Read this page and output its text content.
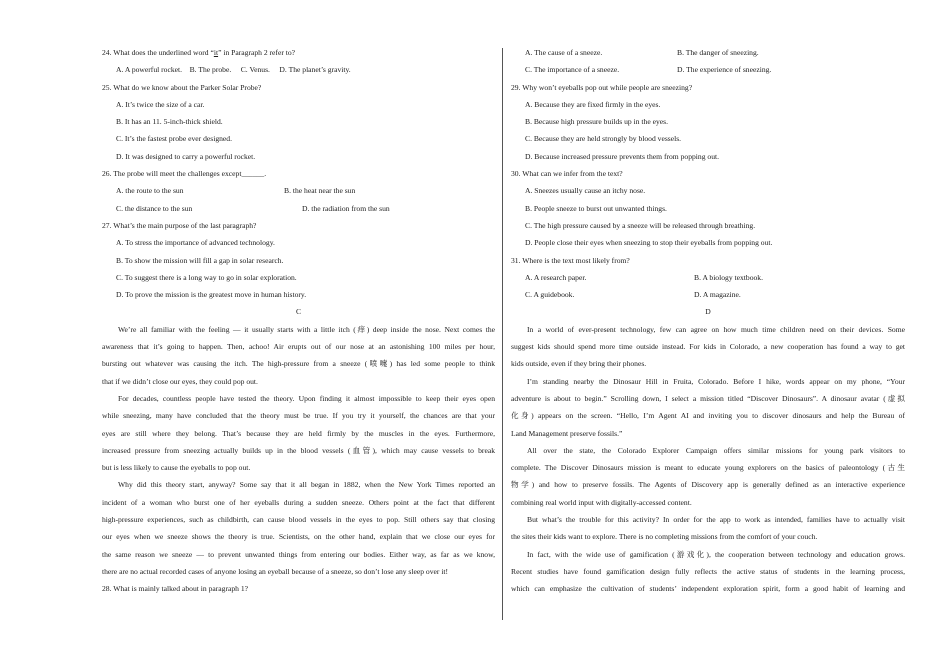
24. What does the underlined word “it” in Paragraph 2 refer to?
A. A powerful rocket. B. The probe. C. Venus. D. The planet’s gravity.
25. What do we know about the Parker Solar Probe?
A. It’s twice the size of a car.
B. It has an 11. 5-inch-thick shield.
C. It’s the fastest probe ever designed.
D. It was designed to carry a powerful rocket.
26. The probe will meet the challenges except______.
A. the route to the sun	B. the heat near the sun
C. the distance to the sun	D. the radiation from the sun
27. What’s the main purpose of the last paragraph?
A. To stress the importance of advanced technology.
B. To show the mission will fill a gap in solar research.
C. To suggest there is a long way to go in solar exploration.
D. To prove the mission is the greatest move in human history.
C
We’re all familiar with the feeling — it usually starts with a little itch (痒) deep inside the nose. Next comes the
awareness that it’s going to happen. Then, achoo! Air erupts out of our nose at an astonishing 100 miles per hour,
bursting out whatever was causing the itch. The high-pressure from a sneeze (喷嚏) has led some people to think
that if we didn’t close our eyes, they could pop out.
For decades, countless people have tested the theory. Upon finding it almost impossible to keep their eyes open
while sneezing, many have concluded that the theory must be true. If you try it yourself, the chances are that your
eyes are still where they belong. That’s because they are held firmly by the muscles in the eyes. Furthermore,
increased pressure from sneezing actually builds up in the blood vessels (血管), which may cause vessels to break
but is less likely to cause the eyeballs to pop out.
Why did this theory start, anyway? Some say that it all began in 1882, when the New York Times reported an
incident of a woman who burst one of her eyeballs during a sudden sneeze. Others point at the fact that different
high-pressure experiences, such as childbirth, can cause blood vessels in the eyes to pop. Still others say that closing
our eyes when we sneeze shows the theory is true. Scientists, on the other hand, explain that we close our eyes for
the same reason we sneeze — to prevent unwanted things from entering our bodies. Either way, as far as we know,
there are no actual recorded cases of anyone losing an eyeball because of a sneeze, so don’t lose any sleep over it!
28. What is mainly talked about in paragraph 1?
A. The cause of a sneeze.	B. The danger of sneezing.
C. The importance of a sneeze.	D. The experience of sneezing.
29. Why won’t eyeballs pop out while people are sneezing?
A. Because they are fixed firmly in the eyes.
B. Because high pressure builds up in the eyes.
C. Because they are held strongly by blood vessels.
D. Because increased pressure prevents them from popping out.
30. What can we infer from the text?
A. Sneezes usually cause an itchy nose.
B. People sneeze to burst out unwanted things.
C. The high pressure caused by a sneeze will be released through breathing.
D. People close their eyes when sneezing to stop their eyeballs from popping out.
31. Where is the text most likely from?
A. A research paper.	B. A biology textbook.
C. A guidebook.	D. A magazine.
D
In a world of ever-present technology, few can agree on how much time children need on their devices. Some
suggest kids should spend more time outside instead. For kids in Colorado, a new cooperation has found a way to get
kids outside, even if they bring their phones.
I’m standing nearby the Dinosaur Hill in Fruita, Colorado. Before I hike, words appear on my phone, “Your
adventure is about to begin.” Scrolling down, I select a mission titled “Discover Dinosaurs”. A dinosaur avatar (虚拟
化身) appears on the screen. “Hello, I’m Agent AI and inviting you to discover dinosaurs and help the Bureau of
Land Management preserve fossils.”
All over the state, the Colorado Explorer Campaign offers similar missions for young park visitors to
complete. The Discover Dinosaurs mission is meant to educate young explorers on the basics of paleontology (古生
物学) and how to preserve fossils. The Agents of Discovery app is generally defined as an interactive experience
combining real world input with digitally-accessed content.
But what’s the trouble for this activity? In order for the app to work as intended, families have to actually visit
the sites their kids want to explore. There is no completing missions from the comfort of your couch.
In fact, with the wide use of gamification (游戏化), the cooperation between technology and education grows.
Recent studies have found gamification design fully reflects the active status of students in the learning process,
which can emphasize the cultivation of students’ independent exploration spirit, form a good habit of learning and
